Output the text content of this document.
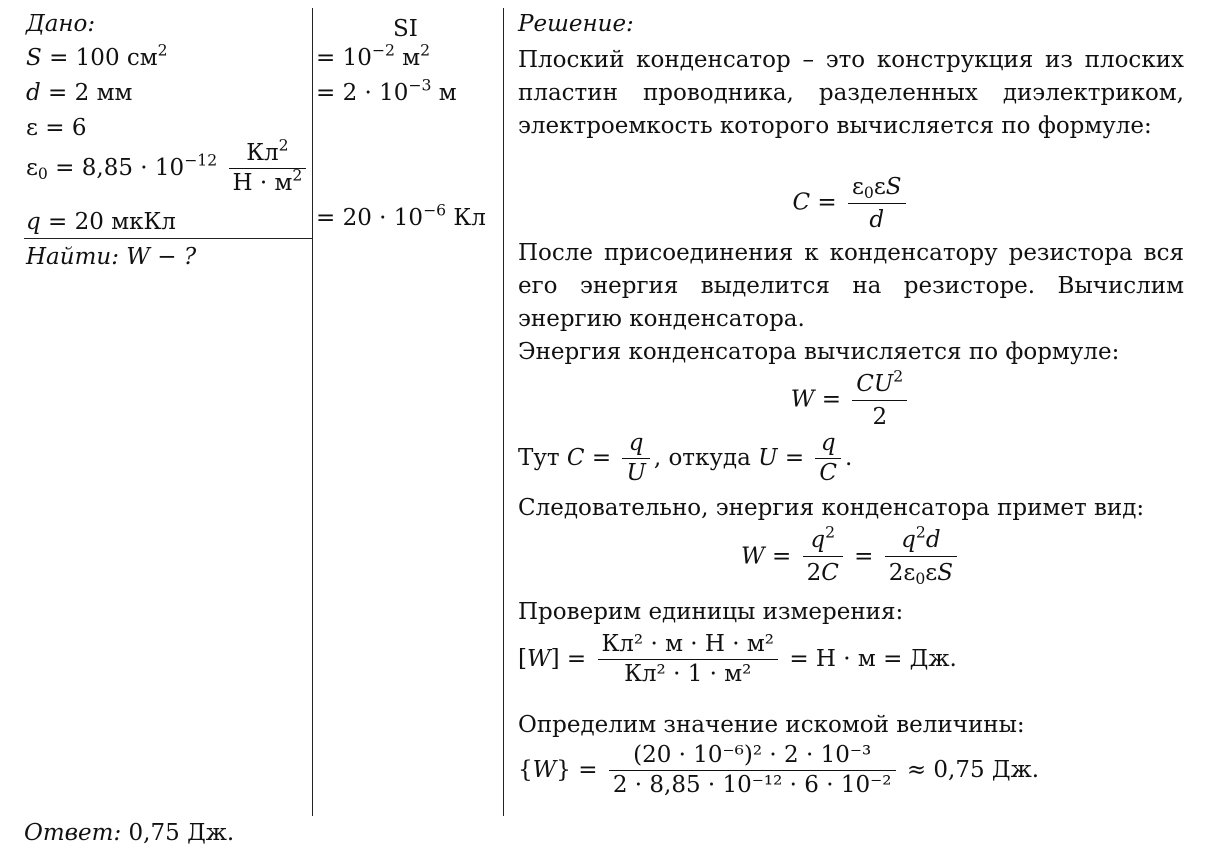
Дано:
S = 100 $см^2$
d = 2 мм
ε = 6
$\varepsilon_0 = 8,85 \cdot 10^{-12} \frac{Кл^2}{Н \cdot м^2}$
q = 20 мкКл
Найти: W − ?
SI
= $10^{-2}$ $м^2$
= $2 \cdot 10^{-3}$ м
= $20 \cdot 10^{-6}$ Кл
Решение:
Плоский конденсатор – это конструкция из плоских пластин проводника, разделенных диэлектриком, электроемкость которого вычисляется по формуле:
$C = \frac{\varepsilon_0\varepsilon S}{d}$
После присоединения к конденсатору резистора вся его энергия выделится на резисторе. Вычислим энергию конденсатора.
Энергия конденсатора вычисляется по формуле:
$W = \frac{CU^2}{2}$
Тут $C = \frac{q}{U}$ , откуда $U = \frac{q}{C}$ .
Следовательно, энергия конденсатора примет вид:
$W = \frac{q^2}{2C} = \frac{q^2d}{2\varepsilon_0\varepsilon S}$
Проверим единицы измерения:
$[W] = \frac{\text{Кл² · м · Н · м²}}{\text{Кл² · 1 · м²}} = Н \cdot м$ = Дж.
Определим значение искомой величины:
$\{W\} = \frac{\text{(20 · 10⁻⁶)² · 2 · 10⁻³}}{\text{2 · 8,85 · 10⁻¹² · 6 · 10⁻²}} \approx 0,75$ Дж.
Ответ: 0,75 Дж.
